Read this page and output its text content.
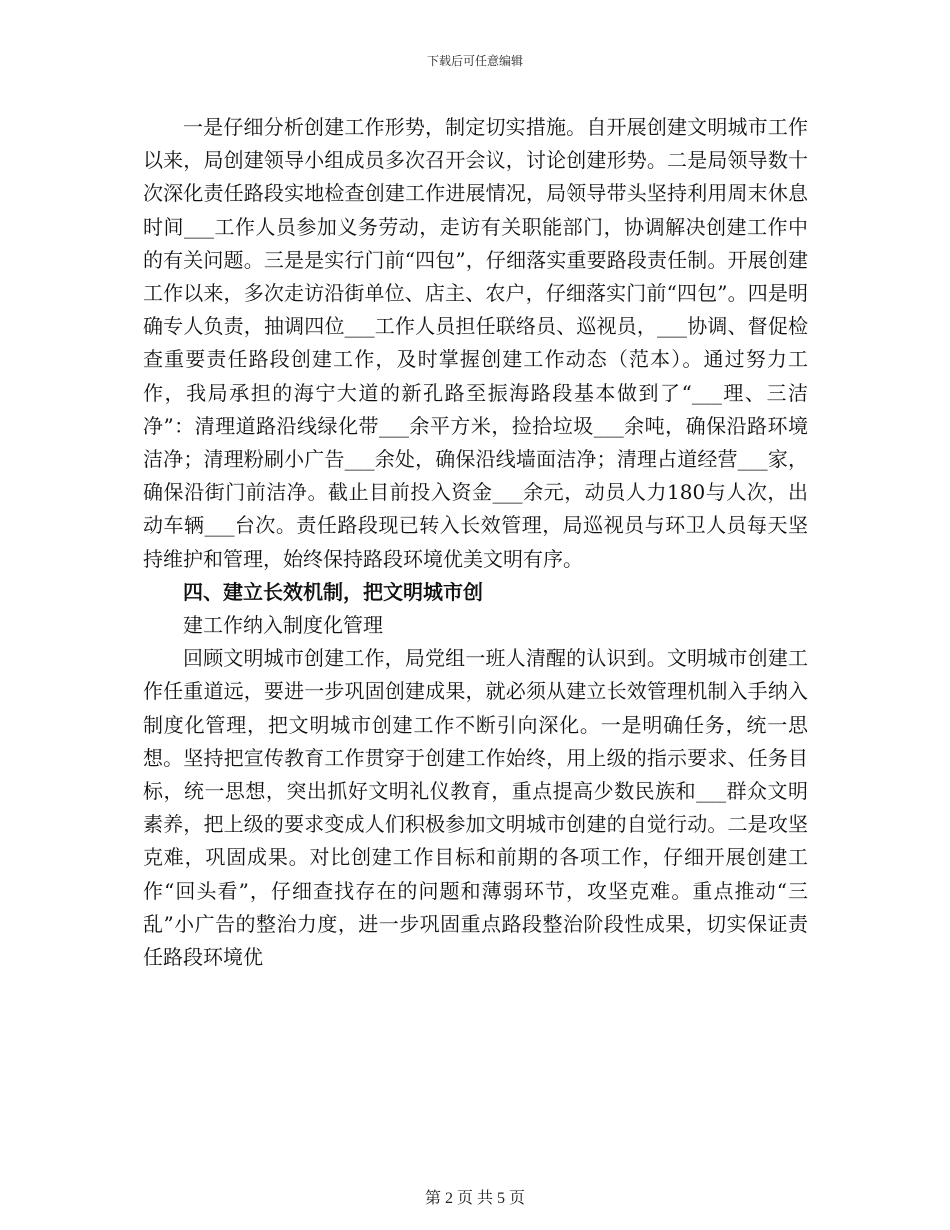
下载后可任意编辑

一是仔细分析创建工作形势，制定切实措施。自开展创建文明城市工作以来，局创建领导小组成员多次召开会议，讨论创建形势。二是局领导数十次深化责任路段实地检查创建工作进展情况，局领导带头坚持利用周末休息时间___工作人员参加义务劳动，走访有关职能部门，协调解决创建工作中的有关问题。三是是实行门前“四包”，仔细落实重要路段责任制。开展创建工作以来，多次走访沿街单位、店主、农户，仔细落实门前“四包”。四是明确专人负责，抽调四位___工作人员担任联络员、巡视员，___协调、督促检查重要责任路段创建工作，及时掌握创建工作动态（范本）。通过努力工作，我局承担的海宁大道的新孔路至振海路段基本做到了“___理、三洁净”：清理道路沿线绿化带___余平方米，捡拾垃圾___余吨，确保沿路环境洁净；清理粉刷小广告___余处，确保沿线墙面洁净；清理占道经营___家，确保沿街门前洁净。截止目前投入资金___余元，动员人力180与人次，出动车辆___台次。责任路段现已转入长效管理，局巡视员与环卫人员每天坚持维护和管理，始终保持路段环境优美文明有序。

四、建立长效机制，把文明城市创

建工作纳入制度化管理

回顾文明城市创建工作，局党组一班人清醒的认识到。文明城市创建工作任重道远，要进一步巩固创建成果，就必须从建立长效管理机制入手纳入制度化管理，把文明城市创建工作不断引向深化。一是明确任务，统一思想。坚持把宣传教育工作贯穿于创建工作始终，用上级的指示要求、任务目标，统一思想，突出抓好文明礼仪教育，重点提高少数民族和___群众文明素养，把上级的要求变成人们积极参加文明城市创建的自觉行动。二是攻坚克难，巩固成果。对比创建工作目标和前期的各项工作，仔细开展创建工作“回头看”，仔细查找存在的问题和薄弱环节，攻坚克难。重点推动“三乱”小广告的整治力度，进一步巩固重点路段整治阶段性成果，切实保证责任路段环境优

第 2 页 共 5 页
